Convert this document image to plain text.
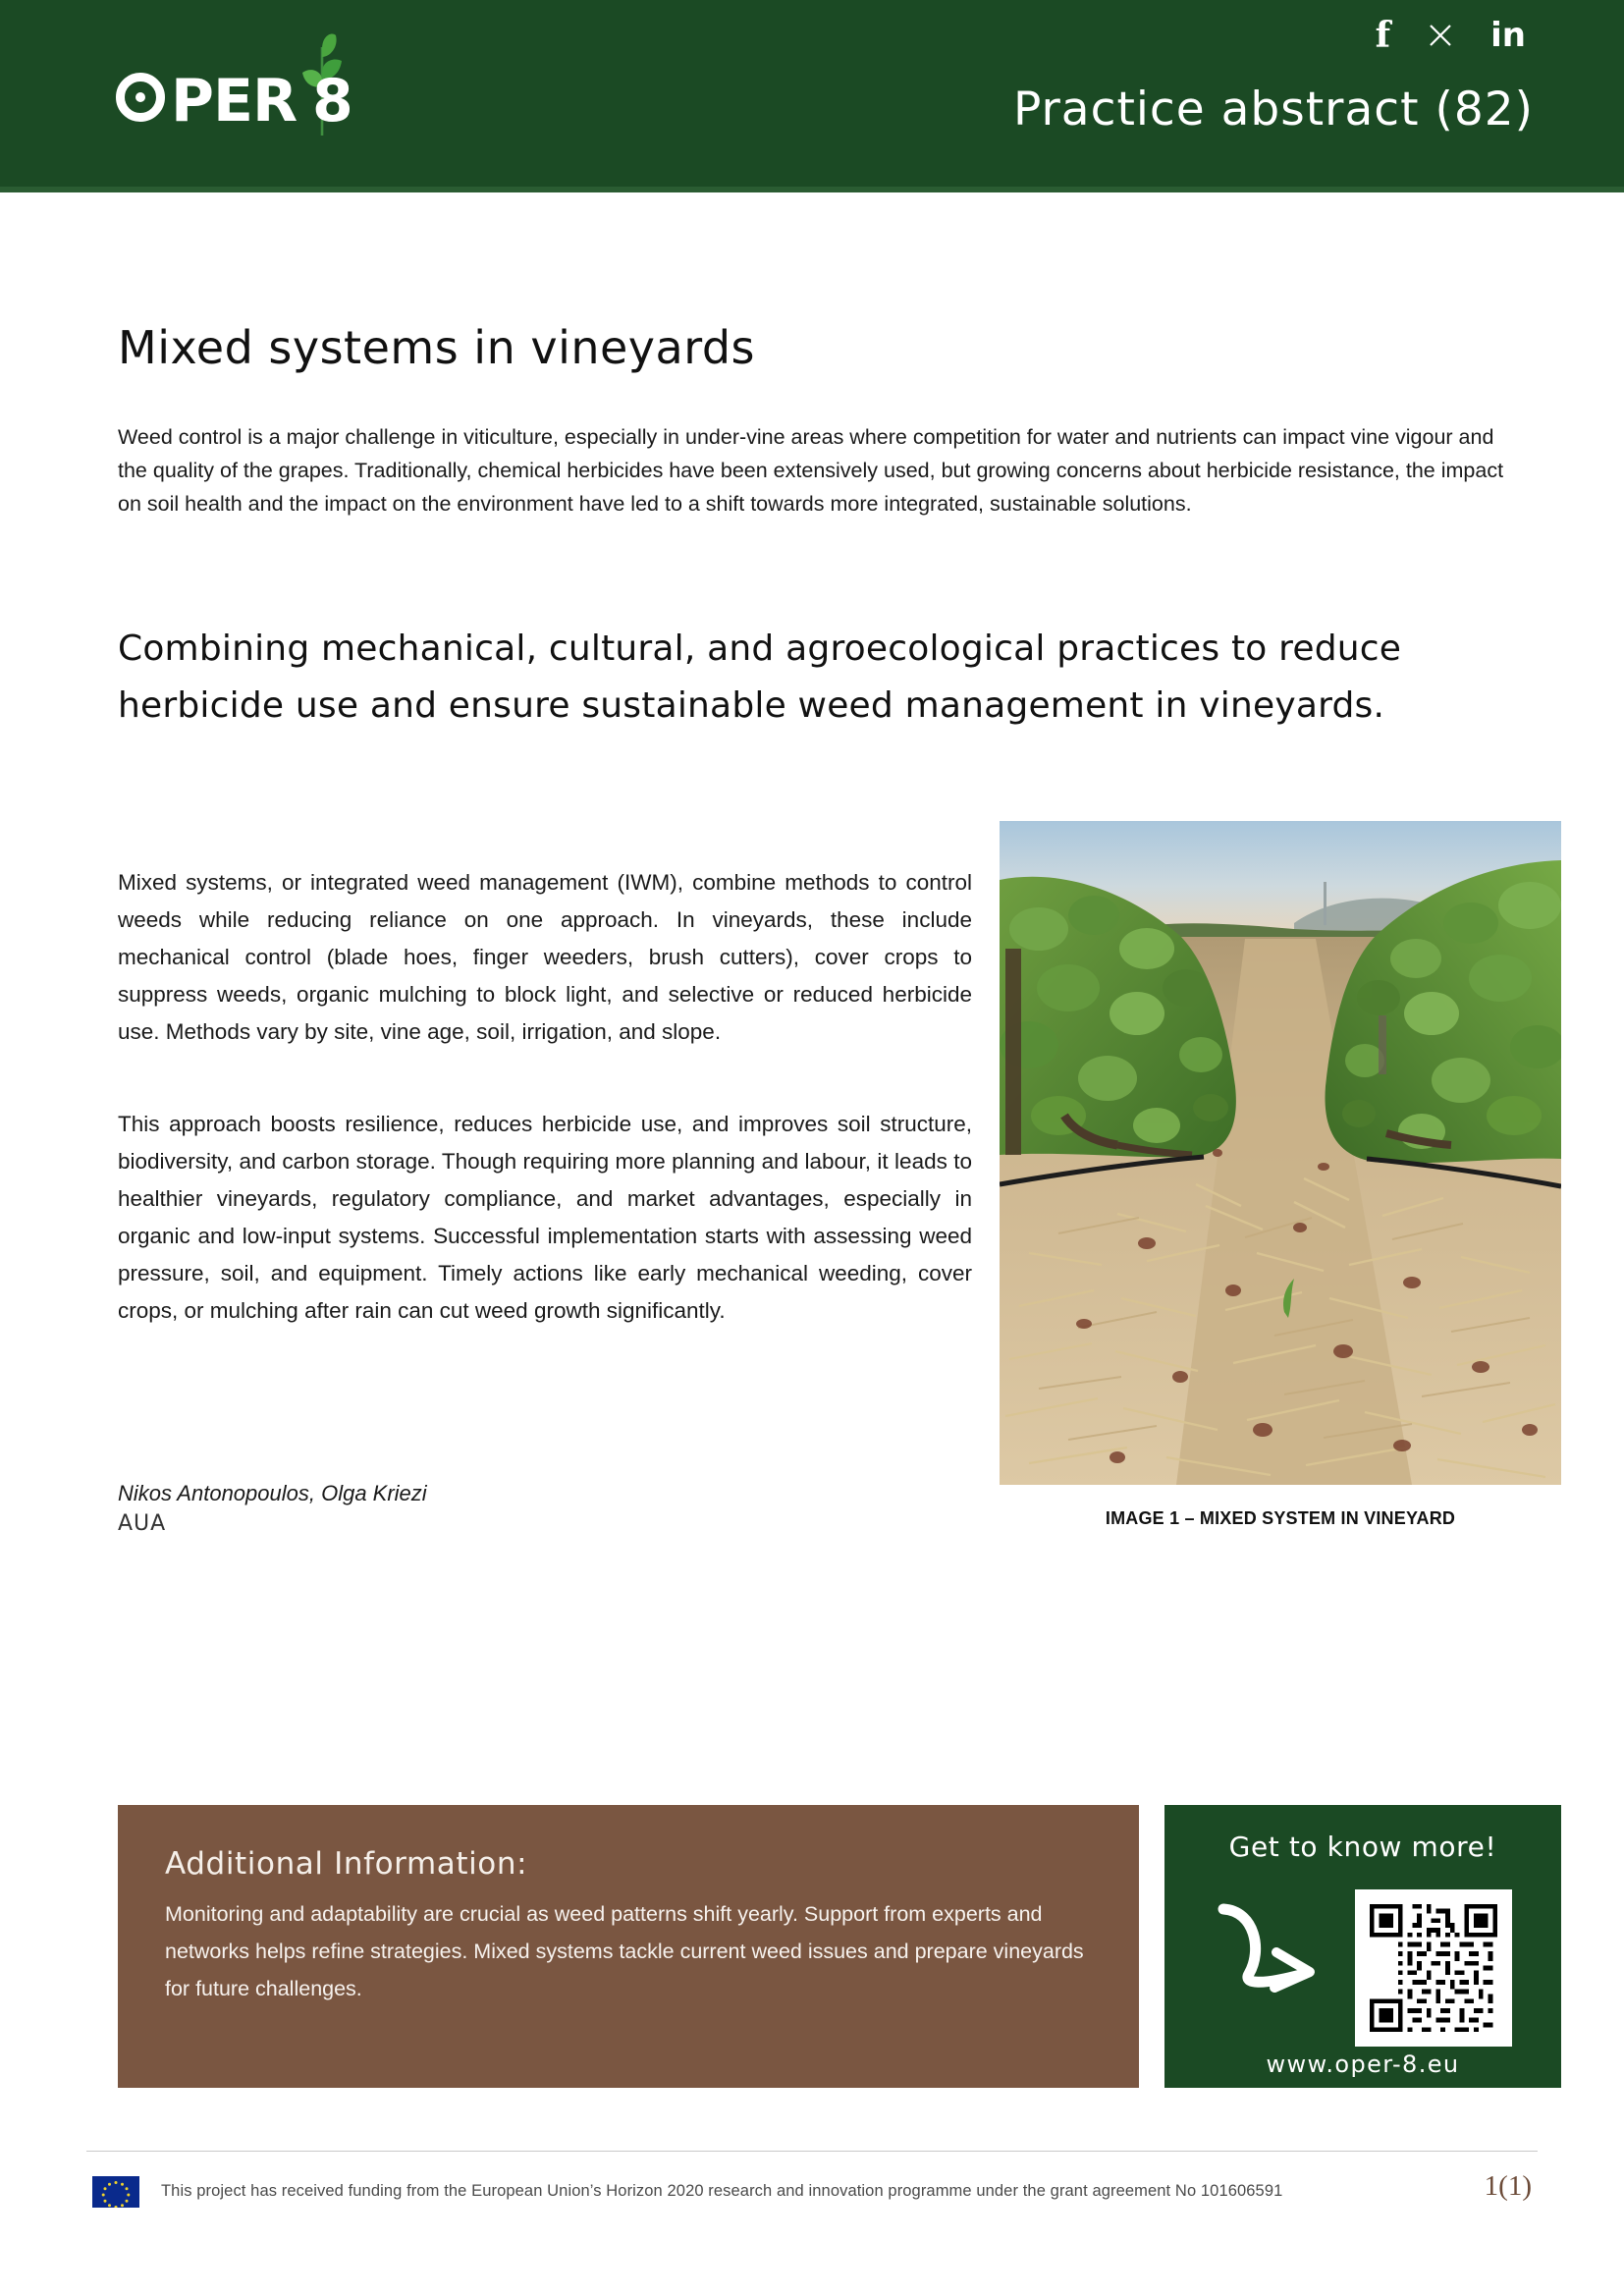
PER 8
f	in
Practice abstract (82)
Mixed systems in vineyards
Weed control is a major challenge in viticulture, especially in under-vine areas where competition for water and nutrients can impact vine vigour and the quality of the grapes. Traditionally, chemical herbicides have been extensively used, but growing concerns about herbicide resistance, the impact on soil health and the impact on the environment have led to a shift towards more integrated, sustainable solutions.
Combining mechanical, cultural, and agroecological practices to reduce herbicide use and ensure sustainable weed management in vineyards.

Mixed systems, or integrated weed management (IWM), combine methods to control weeds while reducing reliance on one approach. In vineyards, these include mechanical control (blade hoes, finger weeders, brush cutters), cover crops to suppress weeds, organic mulching to block light, and selective or reduced herbicide use. Methods vary by site, vine age, soil, irrigation, and slope.

This approach boosts resilience, reduces herbicide use, and improves soil structure, biodiversity, and carbon storage. Though requiring more planning and labour, it leads to healthier vineyards, regulatory compliance, and market advantages, especially in organic and low-input systems. Successful implementation starts with assessing weed pressure, soil, and equipment. Timely actions like early mechanical weeding, cover crops, or mulching after rain can cut weed growth significantly.

Nikos Antonopoulos, Olga Kriezi
AUA	IMAGE 1 – MIXED SYSTEM IN VINEYARD
Additional Information:
Monitoring and adaptability are crucial as weed patterns shift yearly. Support from experts and networks helps refine strategies. Mixed systems tackle current weed issues and prepare vineyards for future challenges.
Get to know more!
www.oper-8.eu
This project has received funding from the European Union’s Horizon 2020 research and innovation programme under the grant agreement No 101606591	1(1)
